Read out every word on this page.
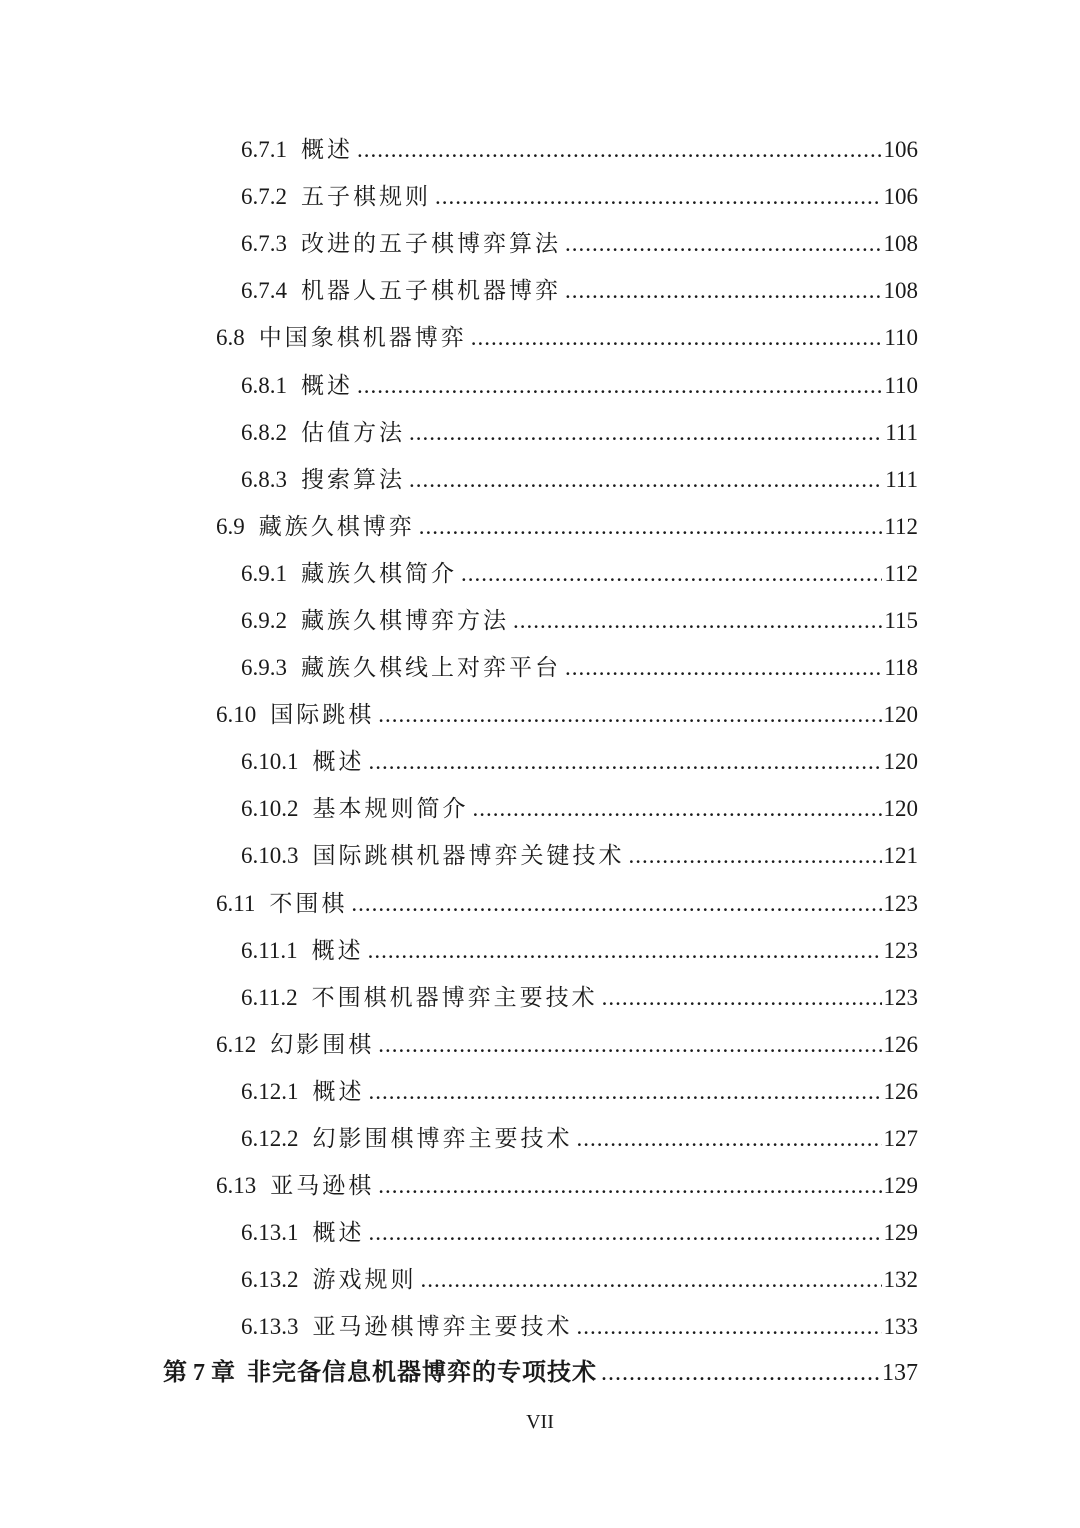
6.7.1 概述 .....	106
6.7.2 五子棋规则 .....	106
6.7.3 改进的五子棋博弈算法 .....	108
6.7.4 机器人五子棋机器博弈 .....	108
6.8 中国象棋机器博弈 .....	110
6.8.1 概述 .....	110
6.8.2 估值方法 .....	111
6.8.3 搜索算法 .....	111
6.9 藏族久棋博弈 .....	112
6.9.1 藏族久棋简介 .....	112
6.9.2 藏族久棋博弈方法 .....	115
6.9.3 藏族久棋线上对弈平台 .....	118
6.10 国际跳棋 .....	120
6.10.1 概述 .....	120
6.10.2 基本规则简介 .....	120
6.10.3 国际跳棋机器博弈关键技术 .....	121
6.11 不围棋 .....	123
6.11.1 概述 .....	123
6.11.2 不围棋机器博弈主要技术 .....	123
6.12 幻影围棋 .....	126
6.12.1 概述 .....	126
6.12.2 幻影围棋博弈主要技术 .....	127
6.13 亚马逊棋 .....	129
6.13.1 概述 .....	129
6.13.2 游戏规则 .....	132
6.13.3 亚马逊棋博弈主要技术 .....	133
第 7 章 非完备信息机器博弈的专项技术 .....	137
VII
